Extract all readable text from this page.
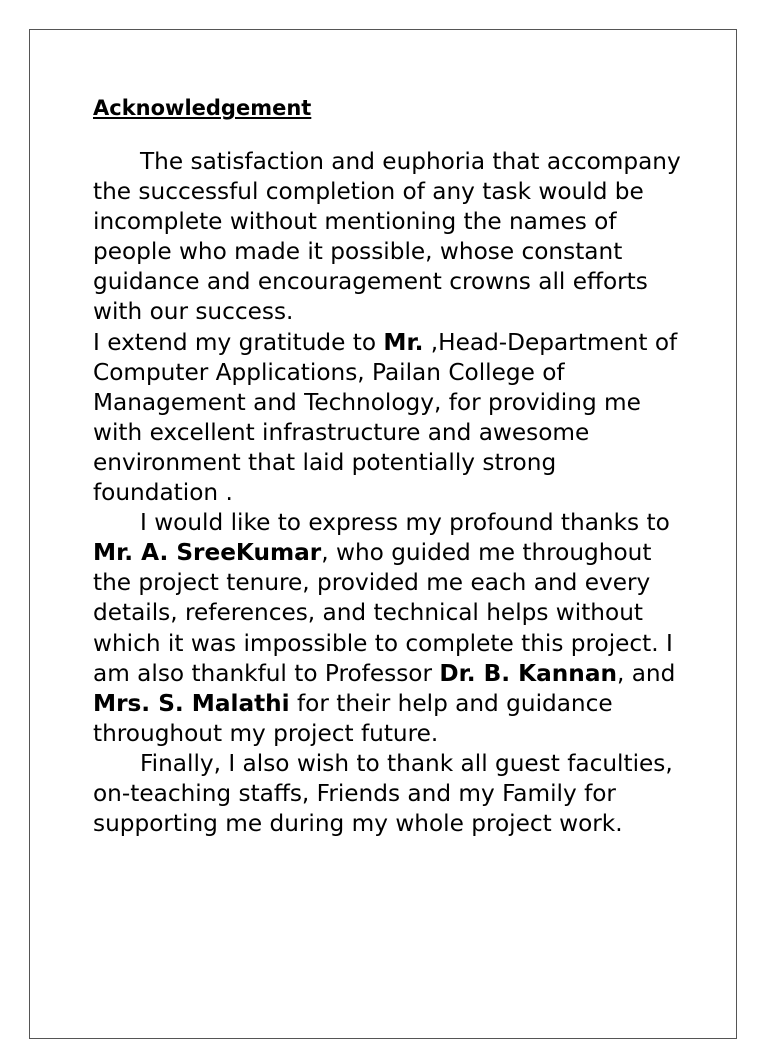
Acknowledgement

The satisfaction and euphoria that accompany the successful completion of any task would be incomplete without mentioning the names of people who made it possible, whose constant guidance and encouragement crowns all efforts with our success.

I extend my gratitude to Mr. ,Head-Department of Computer Applications, Pailan College of Management and Technology, for providing me with excellent infrastructure and awesome environment that laid potentially strong foundation .

I would like to express my profound thanks to Mr. A. SreeKumar, who guided me throughout the project tenure, provided me each and every details, references, and technical helps without which it was impossible to complete this project. I am also thankful to Professor Dr. B. Kannan, and Mrs. S. Malathi for their help and guidance throughout my project future.

Finally, I also wish to thank all guest faculties, on-teaching staffs, Friends and my Family for supporting me during my whole project work.
